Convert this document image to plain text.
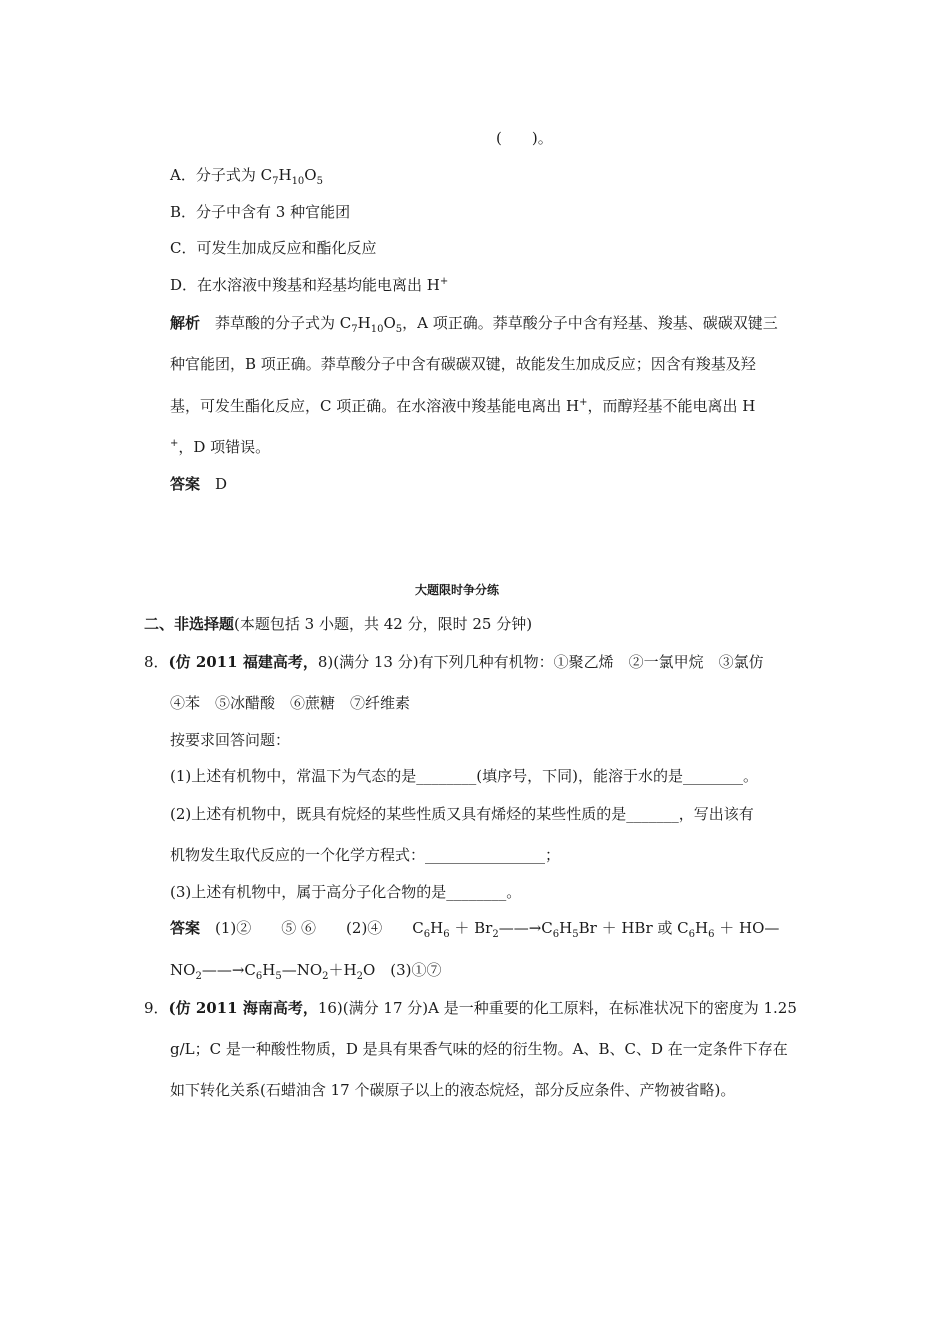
(　　)。
A．分子式为 $C_7H_{10}O_5$
B．分子中含有 3 种官能团
C．可发生加成反应和酯化反应
D．在水溶液中羧基和羟基均能电离出 H+
解析　 莽草酸的分子式为 $C_7H_{10}O_5$，A 项正确。莽草酸分子中含有羟基、羧基、碳碳双键三
种官能团，B 项正确。莽草酸分子中含有碳碳双键，故能发生加成反应；因含有羧基及羟
基，可发生酯化反应，C 项正确。在水溶液中羧基能电离出 H+，而醇羟基不能电离出 H
+，D 项错误。
答案　 D
大题限时争分练
二、非选择题(本题包括 3 小题，共 42 分，限时 25 分钟)
8．(仿 2011 福建高考，8)(满分 13 分)有下列几种有机物：①聚乙烯　②一氯甲烷　③氯仿
④苯　⑤冰醋酸　⑥蔗糖　⑦纤维素
按要求回答问题：
(1)上述有机物中，常温下为气态的是________(填序号，下同)，能溶于水的是________。
(2)上述有机物中，既具有烷烃的某些性质又具有烯烃的某些性质的是_______，写出该有
机物发生取代反应的一个化学方程式：________________；
(3)上述有机物中，属于高分子化合物的是________。
答案　 (1)②　　⑤ ⑥　　(2)④　　$C_6H_6$ ＋ $Br_2——\to C_6H_5Br$ ＋ HBr 或 $C_6H_6$ ＋ HO—
$NO_2——\to C_6H_5—NO_2+H_2O$　(3)①⑦
9．(仿 2011 海南高考，16)(满分 17 分)A 是一种重要的化工原料，在标准状况下的密度为 1.25
g/L；C 是一种酸性物质，D 是具有果香气味的烃的衍生物。A、B、C、D 在一定条件下存在
如下转化关系(石蜡油含 17 个碳原子以上的液态烷烃，部分反应条件、产物被省略)。
